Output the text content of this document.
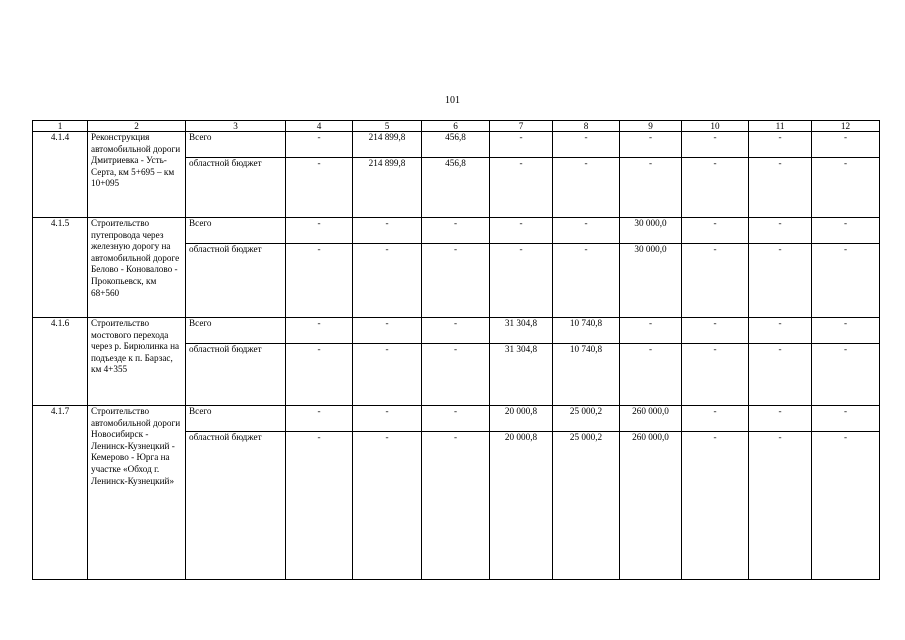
101
1	2	3	4	5	6	7	8	9	10	11	12
4.1.4	Реконструкция автомобильной дороги Дмитриевка - Усть-Серта, км 5+695 – км 10+095	Всего	-	214 899,8	456,8	-	-	-	-	-	-
		областной бюджет	-	214 899,8	456,8	-	-	-	-	-	-
4.1.5	Строительство путепровода через железную дорогу на автомобильной дороге Белово - Коновалово - Прокопьевск, км 68+560	Всего	-	-	-	-	-	30 000,0	-	-	-
		областной бюджет	-	-	-	-	-	30 000,0	-	-	-
4.1.6	Строительство мостового перехода через р. Бирюлинка на подъезде к п. Барзас, км 4+355	Всего	-	-	-	31 304,8	10 740,8	-	-	-	-
		областной бюджет	-	-	-	31 304,8	10 740,8	-	-	-	-
4.1.7	Строительство автомобильной дороги Новосибирск - Ленинск-Кузнецкий - Кемерово - Юрга на участке «Обход г. Ленинск-Кузнецкий»	Всего	-	-	-	20 000,8	25 000,2	260 000,0	-	-	-
		областной бюджет	-	-	-	20 000,8	25 000,2	260 000,0	-	-	-
